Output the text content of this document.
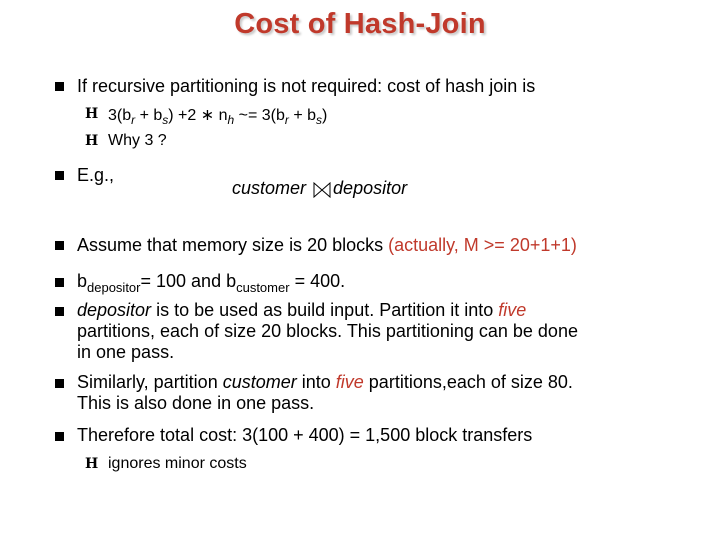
Cost of Hash-Join
If recursive partitioning is not required: cost of hash join is
H $3(b_r + b_s) +2$ ∗ $n_h$ ~= $3(b_r + b_s)$
H Why 3 ?
E.g.,
customer depositor
Assume that memory size is 20 blocks (actually, M >= 20+1+1)
$b_{depositor}= 100$ and $b_{customer} = 400$.
depositor is to be used as build input. Partition it into five
partitions, each of size 20 blocks. This partitioning can be done
in one pass.
Similarly, partition customer into five partitions,each of size 80.
This is also done in one pass.
Therefore total cost: 3(100 + 400) = 1,500 block transfers
H ignores minor costs
